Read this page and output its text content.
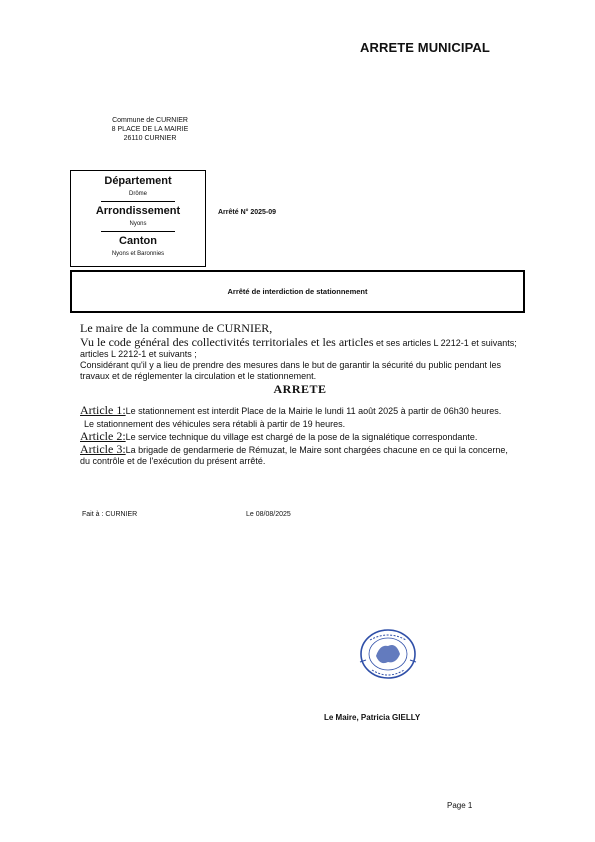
ARRETE MUNICIPAL
Commune de CURNIER
8 PLACE DE LA MAIRIE
26110 CURNIER
Département
Drôme
Arrondissement
Nyons
Canton
Nyons et Baronnies
Arrêté N° 2025-09
Arrêté de interdiction de stationnement
Le maire de la commune de CURNIER,
Vu le code général des collectivités territoriales et les articles et ses articles L 2212-1 et suivants; articles L 2212-1 et suivants ;
Considérant qu'il y a lieu de prendre des mesures dans le but de garantir la sécurité du public pendant les travaux et de réglementer la circulation et le stationnement.
ARRETE
Article 1:Le stationnement est interdit Place de la Mairie le lundi 11 août 2025 à partir de 06h30 heures.
Le stationnement des véhicules sera rétabli à partir de 19 heures.
Article 2:Le service technique du village est chargé de la pose de la signalétique correspondante.
Article 3:La brigade de gendarmerie de Rémuzat, le Maire sont chargées chacune en ce qui la concerne, du contrôle et de l'exécution du présent arrêté.
Fait à : CURNIER	Le 08/08/2025
Le Maire, Patricia GIELLY
Page 1
